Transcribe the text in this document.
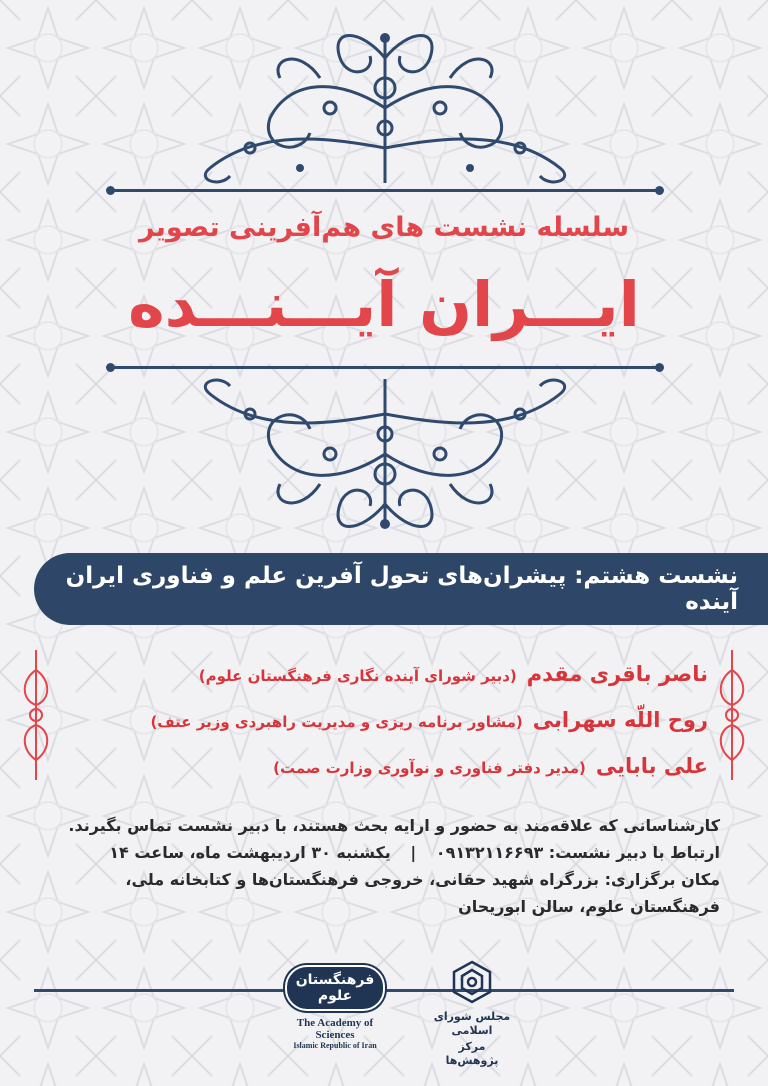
سلسله نشست های هم‌آفرینی تصویر
ایـــران آیـــنـــده
نشست هشتم: پیشران‌های تحول آفرین علم و فناوری ایران آینده
ناصر باقری مقدم
(دبیر شورای آینده نگاری فرهنگستان علوم)
روح اللّه سهرابی
(مشاور برنامه ریزی و مدیریت راهبردی وزیر عتف)
علی بابایی
(مدیر دفتر فناوری و نوآوری وزارت صمت)
کارشناسانی که علاقه‌مند به حضور و ارایه بحث هستند، با دبیر نشست تماس بگیرند.
ارتباط با دبیر نشست: ۰۹۱۳۲۱۱۶۶۹۳ | یکشنبه ۳۰ اردیبهشت ماه، ساعت ۱۴
مکان برگزاری: بزرگراه شهید حقانی، خروجی فرهنگستان‌ها و کتابخانه ملی،
فرهنگستان علوم، سالن ابوریحان
فرهنگستان علوم
The Academy of Sciences
Islamic Republic of Iran
مجلس شورای اسلامی
مرکز پژوهش‌ها
